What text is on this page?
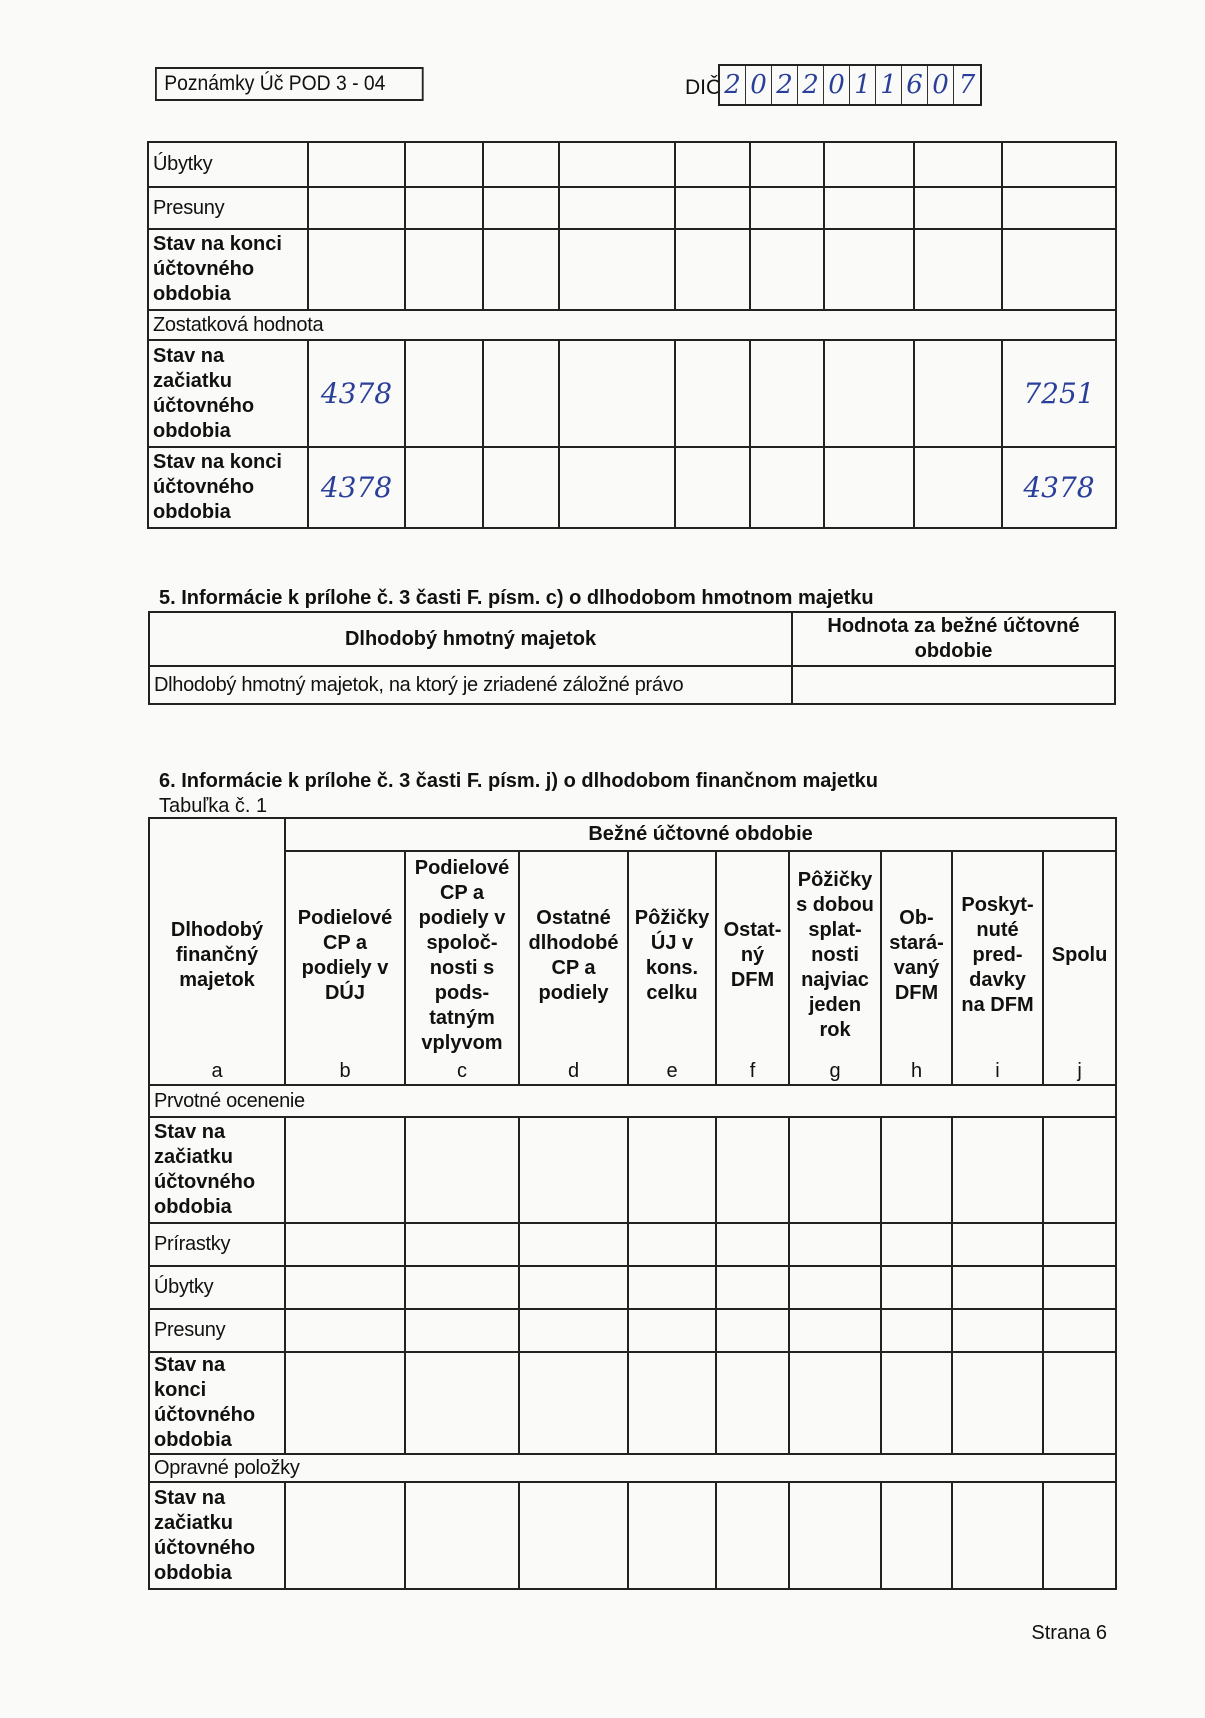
Poznámky Úč POD 3 - 04	DIČ 2 0 2 2 0 1 1 6 0 7
Úbytky									
Presuny									
Stav na konci účtovného obdobia									
Zostatková hodnota									
Stav na začiatku účtovného obdobia	4378								7251
Stav na konci účtovného obdobia	4378								4378
5. Informácie k prílohe č. 3 časti F. písm. c) o dlhodobom hmotnom majetku
Dlhodobý hmotný majetok	Hodnota za bežné účtovné obdobie
Dlhodobý hmotný majetok, na ktorý je zriadené záložné právo	
6. Informácie k prílohe č. 3 časti F. písm. j) o dlhodobom finančnom majetku
Tabuľka č. 1
	Bežné účtovné obdobie								
Dlhodobý finančný majetok	Podielové CP a podiely v DÚJ	Podielové CP a podiely v spoloč-nosti s pods-tatným vplyvom	Ostatné dlhodobé CP a podiely	Pôžičky ÚJ v kons. celku	Ostat-ný DFM	Pôžičky s dobou splat-nosti najviac jeden rok	Ob-stará-vaný DFM	Poskyt-nuté pred-davky na DFM	Spolu
a	b	c	d	e	f	g	h	i	j
Prvotné ocenenie									
Stav na začiatku účtovného obdobia									
Prírastky									
Úbytky									
Presuny									
Stav na konci účtovného obdobia									
Opravné položky									
Stav na začiatku účtovného obdobia									
Strana 6
